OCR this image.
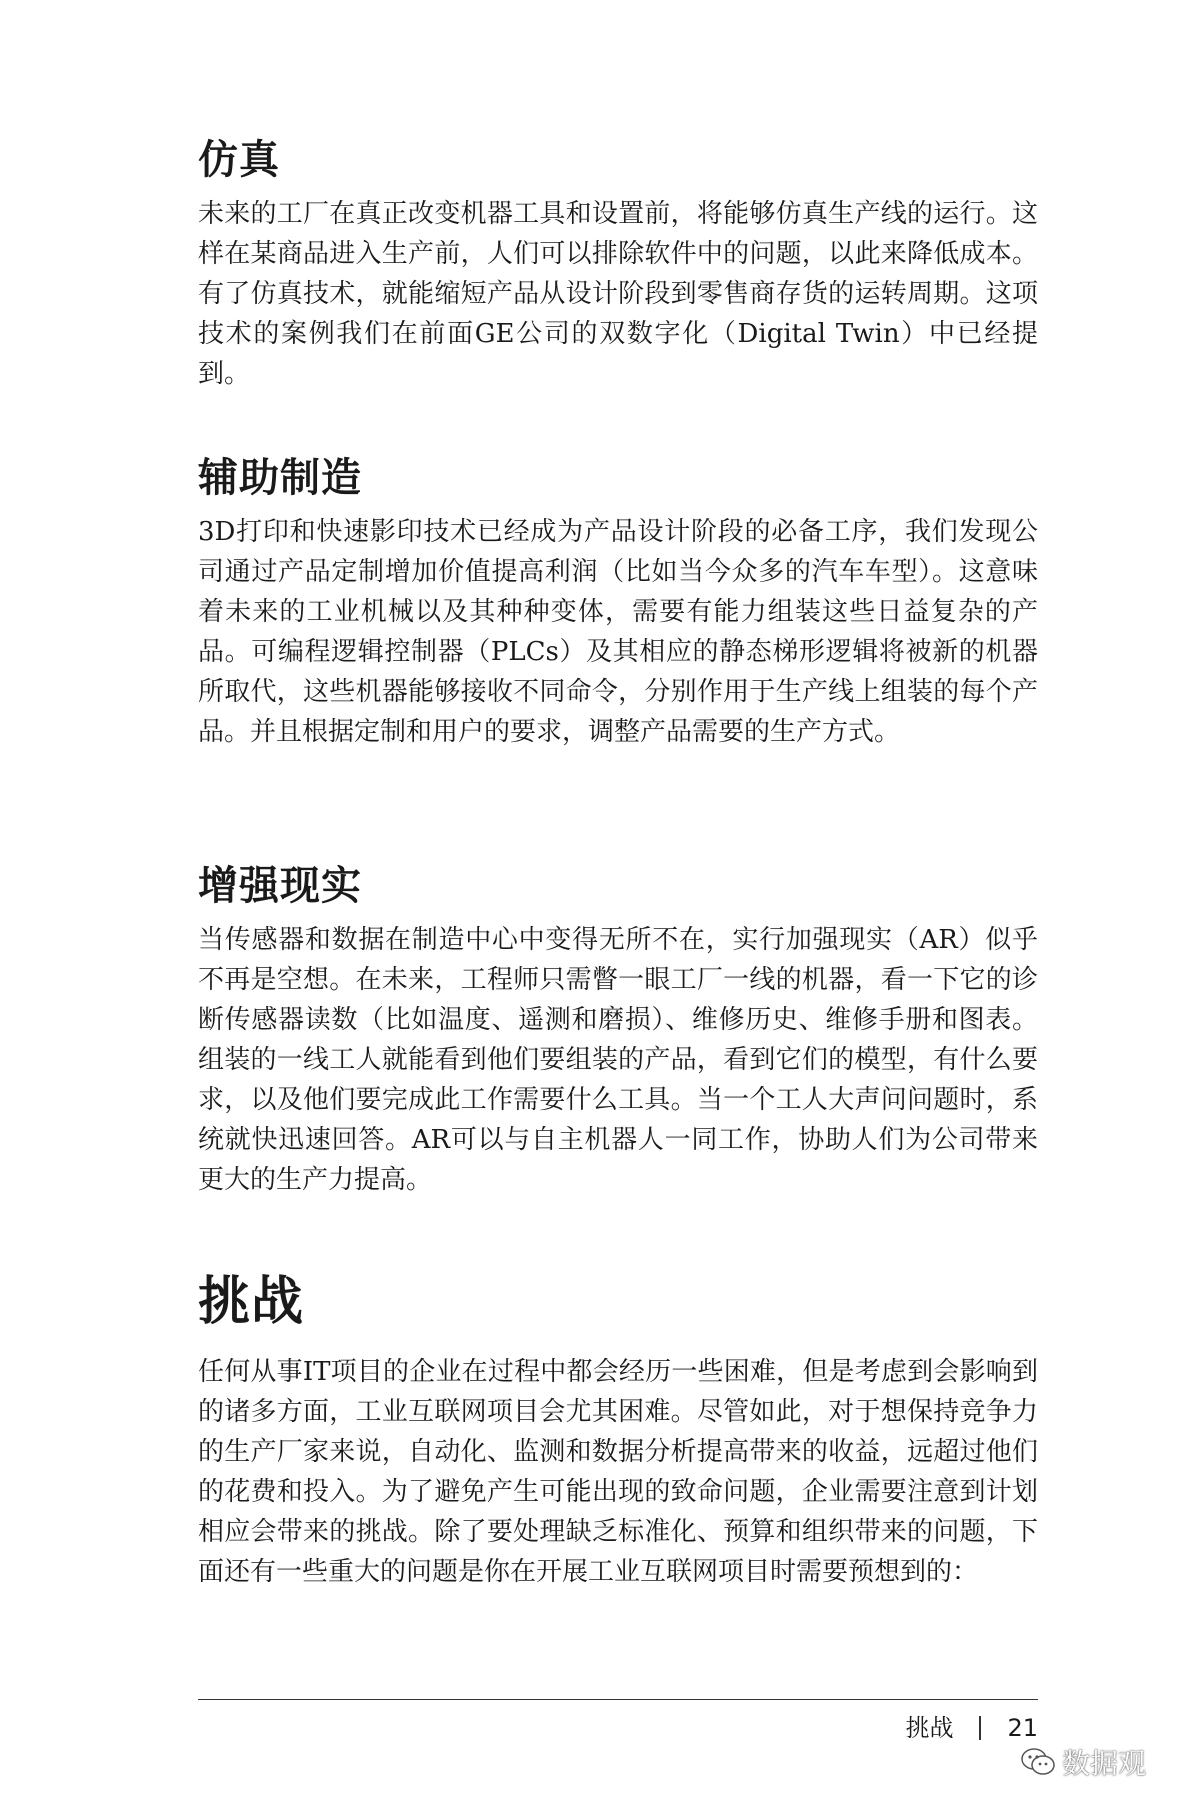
仿真

未来的工厂在真正改变机器工具和设置前，将能够仿真生产线的运行。这样在某商品进入生产前，人们可以排除软件中的问题，以此来降低成本。有了仿真技术，就能缩短产品从设计阶段到零售商存货的运转周期。这项技术的案例我们在前面GE公司的双数字化（Digital Twin）中已经提到。

辅助制造

3D打印和快速影印技术已经成为产品设计阶段的必备工序，我们发现公司通过产品定制增加价值提高利润（比如当今众多的汽车车型）。这意味着未来的工业机械以及其种种变体，需要有能力组装这些日益复杂的产品。可编程逻辑控制器（PLCs）及其相应的静态梯形逻辑将被新的机器所取代，这些机器能够接收不同命令，分别作用于生产线上组装的每个产品。并且根据定制和用户的要求，调整产品需要的生产方式。

增强现实

当传感器和数据在制造中心中变得无所不在，实行加强现实（AR）似乎不再是空想。在未来，工程师只需瞥一眼工厂一线的机器，看一下它的诊断传感器读数（比如温度、遥测和磨损）、维修历史、维修手册和图表。组装的一线工人就能看到他们要组装的产品，看到它们的模型，有什么要求，以及他们要完成此工作需要什么工具。当一个工人大声问问题时，系统就快迅速回答。AR可以与自主机器人一同工作，协助人们为公司带来更大的生产力提高。

挑战

任何从事IT项目的企业在过程中都会经历一些困难，但是考虑到会影响到的诸多方面，工业互联网项目会尤其困难。尽管如此，对于想保持竞争力的生产厂家来说，自动化、监测和数据分析提高带来的收益，远超过他们的花费和投入。为了避免产生可能出现的致命问题，企业需要注意到计划相应会带来的挑战。除了要处理缺乏标准化、预算和组织带来的问题，下面还有一些重大的问题是你在开展工业互联网项目时需要预想到的：

挑战 21
数据观
